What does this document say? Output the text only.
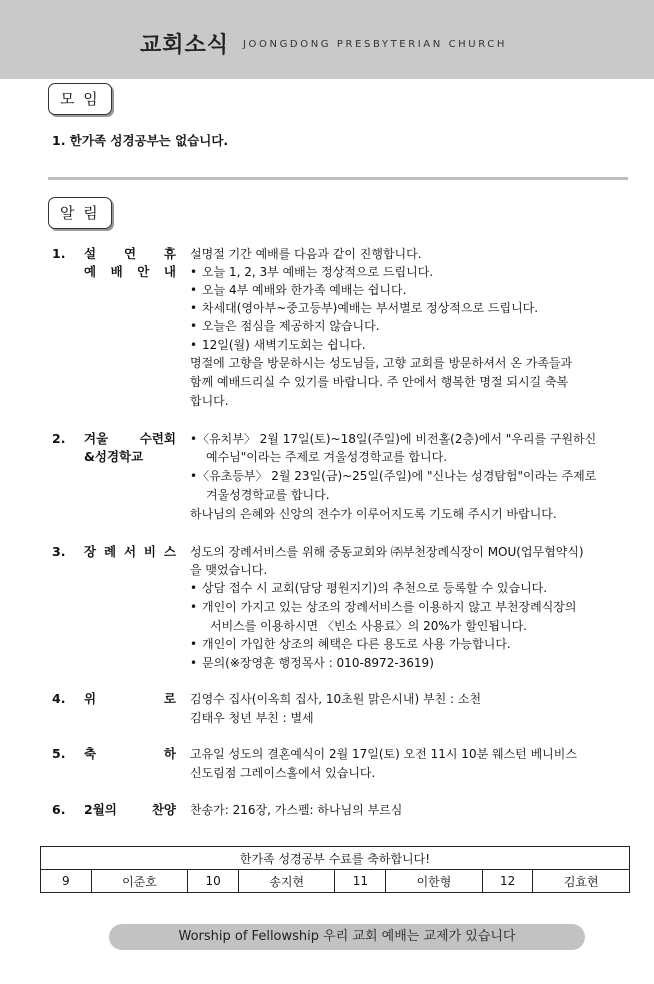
교회소식 JOONGDONG PRESBYTERIAN CHURCH
모 임
1. 한가족 성경공부는 없습니다.
알 림
1. 설 연 휴
예 배 안 내
설명절 기간 예배를 다음과 같이 진행합니다.
• 오늘 1, 2, 3부 예배는 정상적으로 드립니다.
• 오늘 4부 예배와 한가족 예배는 쉽니다.
• 차세대(영아부~중고등부)예배는 부서별로 정상적으로 드립니다.
• 오늘은 점심을 제공하지 않습니다.
• 12일(월) 새벽기도회는 쉽니다.
명절에 고향을 방문하시는 성도님들, 고향 교회를 방문하셔서 온 가족들과
함께 예배드리실 수 있기를 바랍니다. 주 안에서 행복한 명절 되시길 축복
합니다.
2. 겨울 수련회
&성경학교
•〈유치부〉 2월 17일(토)~18일(주일)에 비전홀(2층)에서 "우리를 구원하신
예수님"이라는 주제로 겨울성경학교를 합니다.
•〈유초등부〉 2월 23일(금)~25일(주일)에 "신나는 성경탐험"이라는 주제로
겨울성경학교를 합니다.
하나님의 은혜와 신앙의 전수가 이루어지도록 기도해 주시기 바랍니다.
3. 장 례 서 비 스 성도의 장례서비스를 위해 중동교회와 ㈜부천장례식장이 MOU(업무협약식)
을 맺었습니다.
• 상담 접수 시 교회(담당 평원지기)의 추천으로 등록할 수 있습니다.
• 개인이 가지고 있는 상조의 장례서비스를 이용하지 않고 부천장례식장의
서비스를 이용하시면 〈빈소 사용료〉의 20%가 할인됩니다.
• 개인이 가입한 상조의 혜택은 다른 용도로 사용 가능합니다.
• 문의(※장영훈 행정목사 : 010-8972-3619)
4. 위 로 김영수 집사(이옥희 집사, 10초원 맑은시내) 부친 : 소천
김태우 청년 부친 : 별세
5. 축 하 고유일 성도의 결혼예식이 2월 17일(토) 오전 11시 10분 웨스턴 베니비스
신도림점 그레이스홀에서 있습니다.
6. 2월의 찬양 찬송가: 216장, 가스펠: 하나님의 부르심
한가족 성경공부 수료를 축하합니다!
9	이준호	10	송지현	11	이한형	12	김효현
Worship of Fellowship 우리 교회 예배는 교제가 있습니다
